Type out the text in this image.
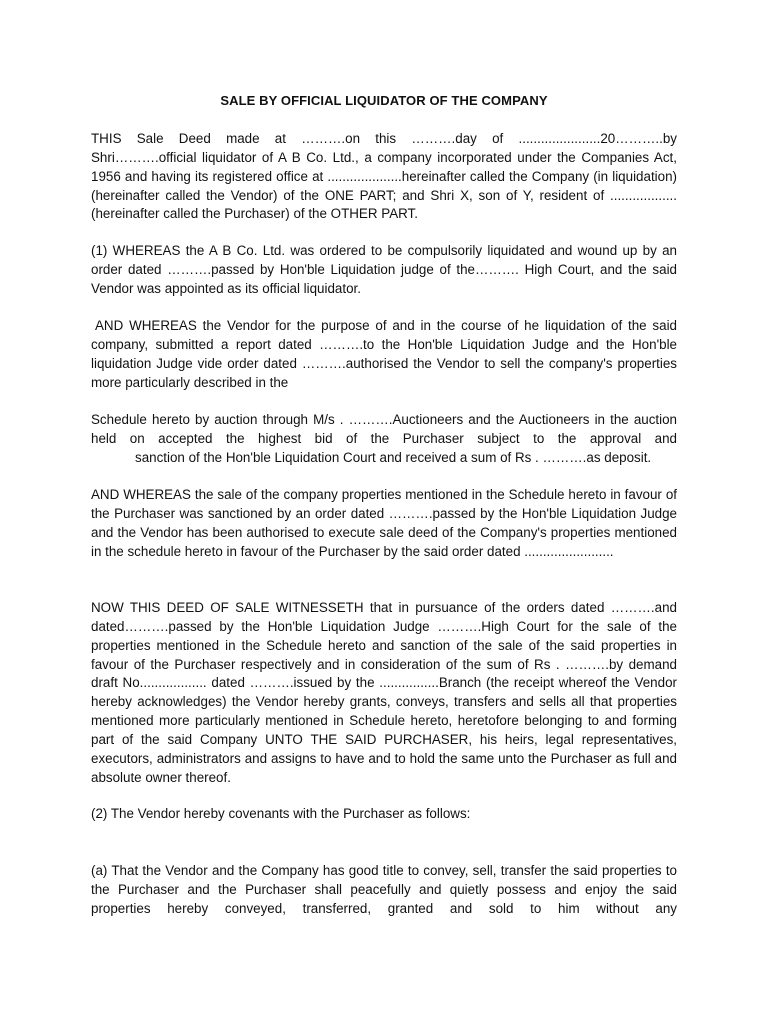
SALE BY OFFICIAL LIQUIDATOR OF THE COMPANY

THIS Sale Deed made at ……….on this ……….day of ......................20………..by Shri……….official liquidator of A B Co. Ltd., a company incorporated under the Companies Act, 1956 and having its registered office at ....................hereinafter called the Company (in liquidation) (hereinafter called the Vendor) of the ONE PART; and Shri X, son of Y, resident of ..................(hereinafter called the Purchaser) of the OTHER PART.

(1) WHEREAS the A B Co. Ltd. was ordered to be compulsorily liquidated and wound up by an order dated ……….passed by Hon'ble Liquidation judge of the………. High Court, and the said Vendor was appointed as its official liquidator.

AND WHEREAS the Vendor for the purpose of and in the course of he liquidation of the said company, submitted a report dated ……….to the Hon'ble Liquidation Judge and the Hon'ble liquidation Judge vide order dated ……….authorised the Vendor to sell the company's properties more particularly described in the

Schedule hereto by auction through M/s . ……….Auctioneers and the Auctioneers in the auction held on accepted the highest bid of the Purchaser subject to the approval and

sanction of the Hon'ble Liquidation Court and received a sum of Rs . ……….as deposit.

AND WHEREAS the sale of the company properties mentioned in the Schedule hereto in favour of the Purchaser was sanctioned by an order dated ……….passed by the Hon'ble Liquidation Judge and the Vendor has been authorised to execute sale deed of the Company's properties mentioned in the schedule hereto in favour of the Purchaser by the said order dated ........................

NOW THIS DEED OF SALE WITNESSETH that in pursuance of the orders dated ……….and dated……….passed by the Hon'ble Liquidation Judge ……….High Court for the sale of the properties mentioned in the Schedule hereto and sanction of the sale of the said properties in favour of the Purchaser respectively and in consideration of the sum of Rs . ……….by demand draft No.................. dated ……….issued by the ................Branch (the receipt whereof the Vendor hereby acknowledges) the Vendor hereby grants, conveys, transfers and sells all that properties mentioned more particularly mentioned in Schedule hereto, heretofore belonging to and forming part of the said Company UNTO THE SAID PURCHASER, his heirs, legal representatives, executors, administrators and assigns to have and to hold the same unto the Purchaser as full and absolute owner thereof.

(2) The Vendor hereby covenants with the Purchaser as follows:

(a) That the Vendor and the Company has good title to convey, sell, transfer the said properties to the Purchaser and the Purchaser shall peacefully and quietly possess and enjoy the said properties hereby conveyed, transferred, granted and sold to him without any
